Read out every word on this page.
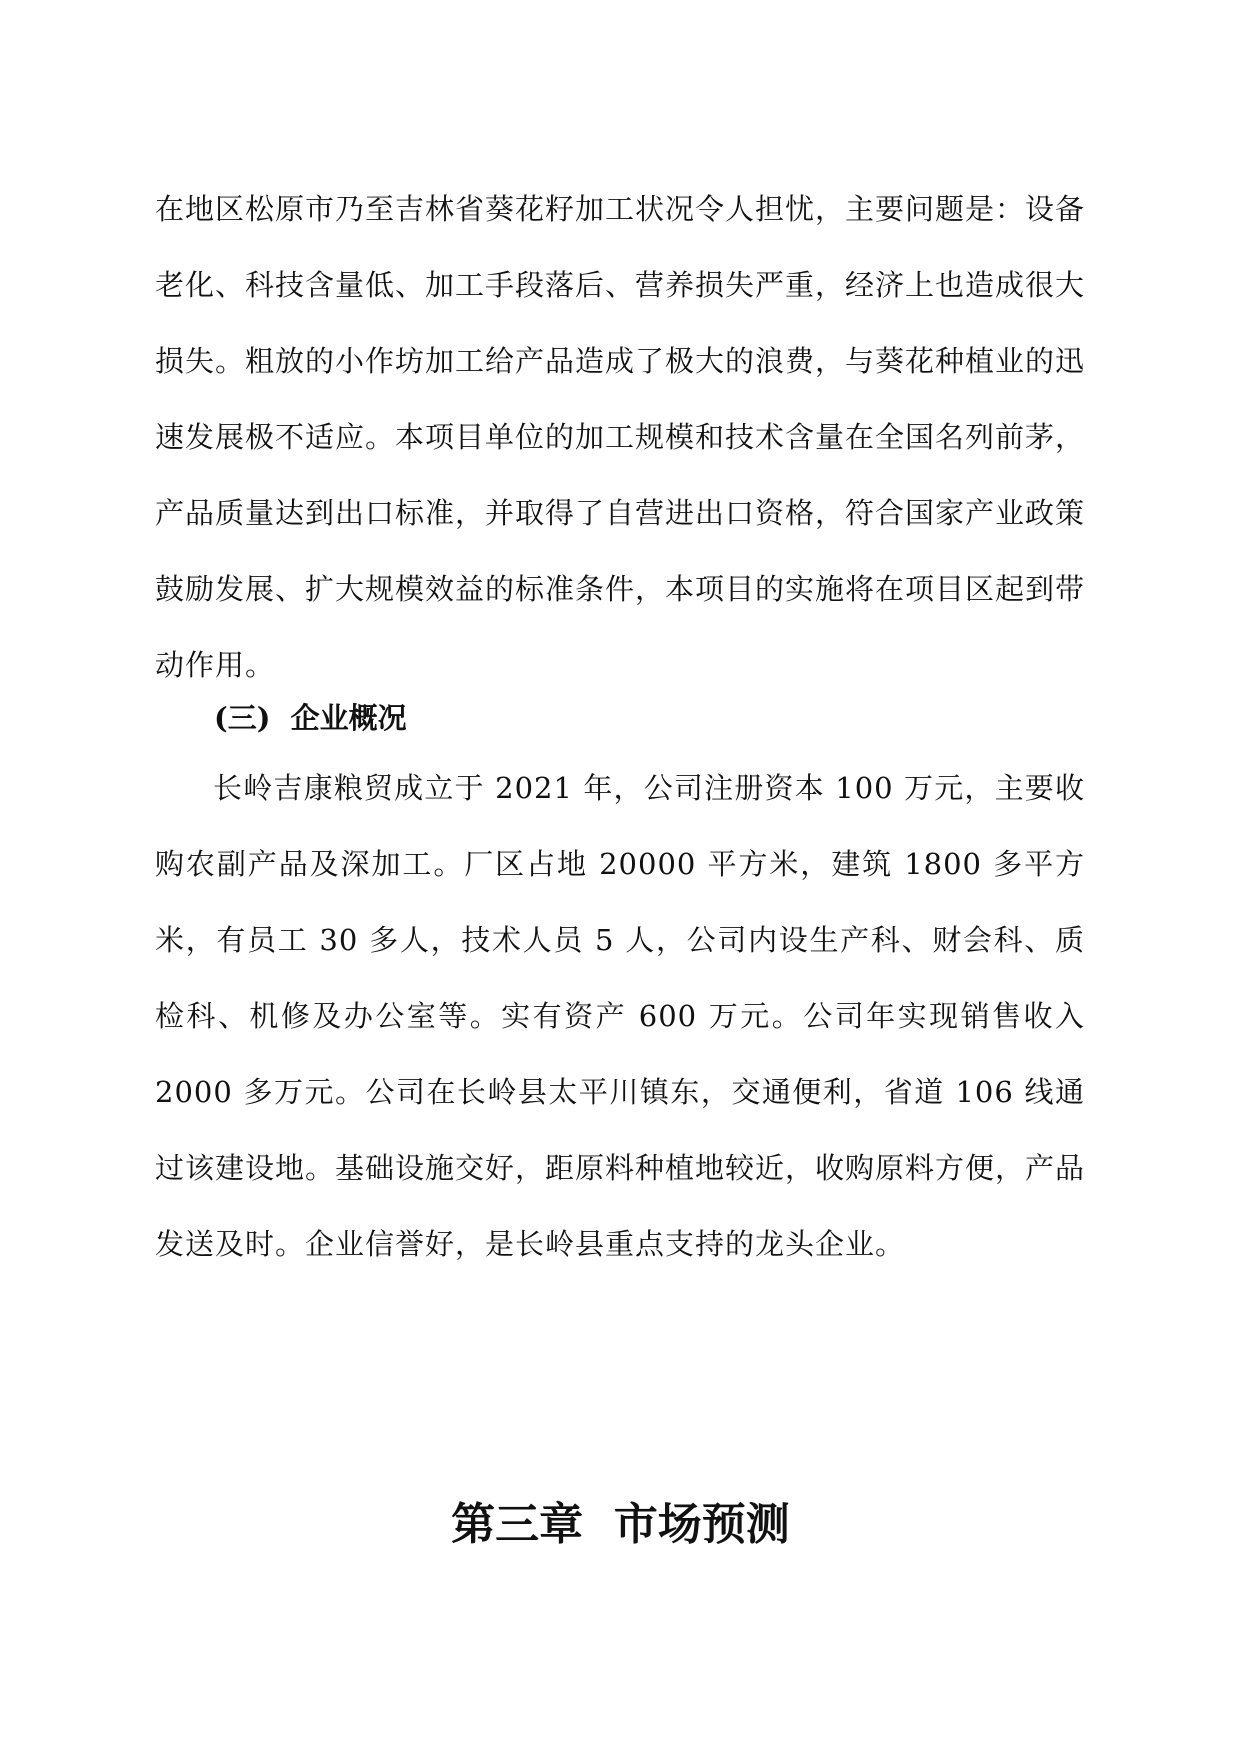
在地区松原市乃至吉林省葵花籽加工状况令人担忧，主要问题是：设备老化、科技含量低、加工手段落后、营养损失严重，经济上也造成很大损失。粗放的小作坊加工给产品造成了极大的浪费，与葵花种植业的迅速发展极不适应。本项目单位的加工规模和技术含量在全国名列前茅，产品质量达到出口标准，并取得了自营进出口资格，符合国家产业政策鼓励发展、扩大规模效益的标准条件，本项目的实施将在项目区起到带动作用。

(三)  企业概况

长岭吉康粮贸成立于 2021 年，公司注册资本 100 万元，主要收购农副产品及深加工。厂区占地 20000 平方米，建筑 1800 多平方米，有员工 30 多人，技术人员 5 人，公司内设生产科、财会科、质检科、机修及办公室等。实有资产 600 万元。公司年实现销售收入 2000 多万元。公司在长岭县太平川镇东，交通便利，省道 106 线通过该建设地。基础设施交好，距原料种植地较近，收购原料方便，产品发送及时。企业信誉好，是长岭县重点支持的龙头企业。

第三章  市场预测
